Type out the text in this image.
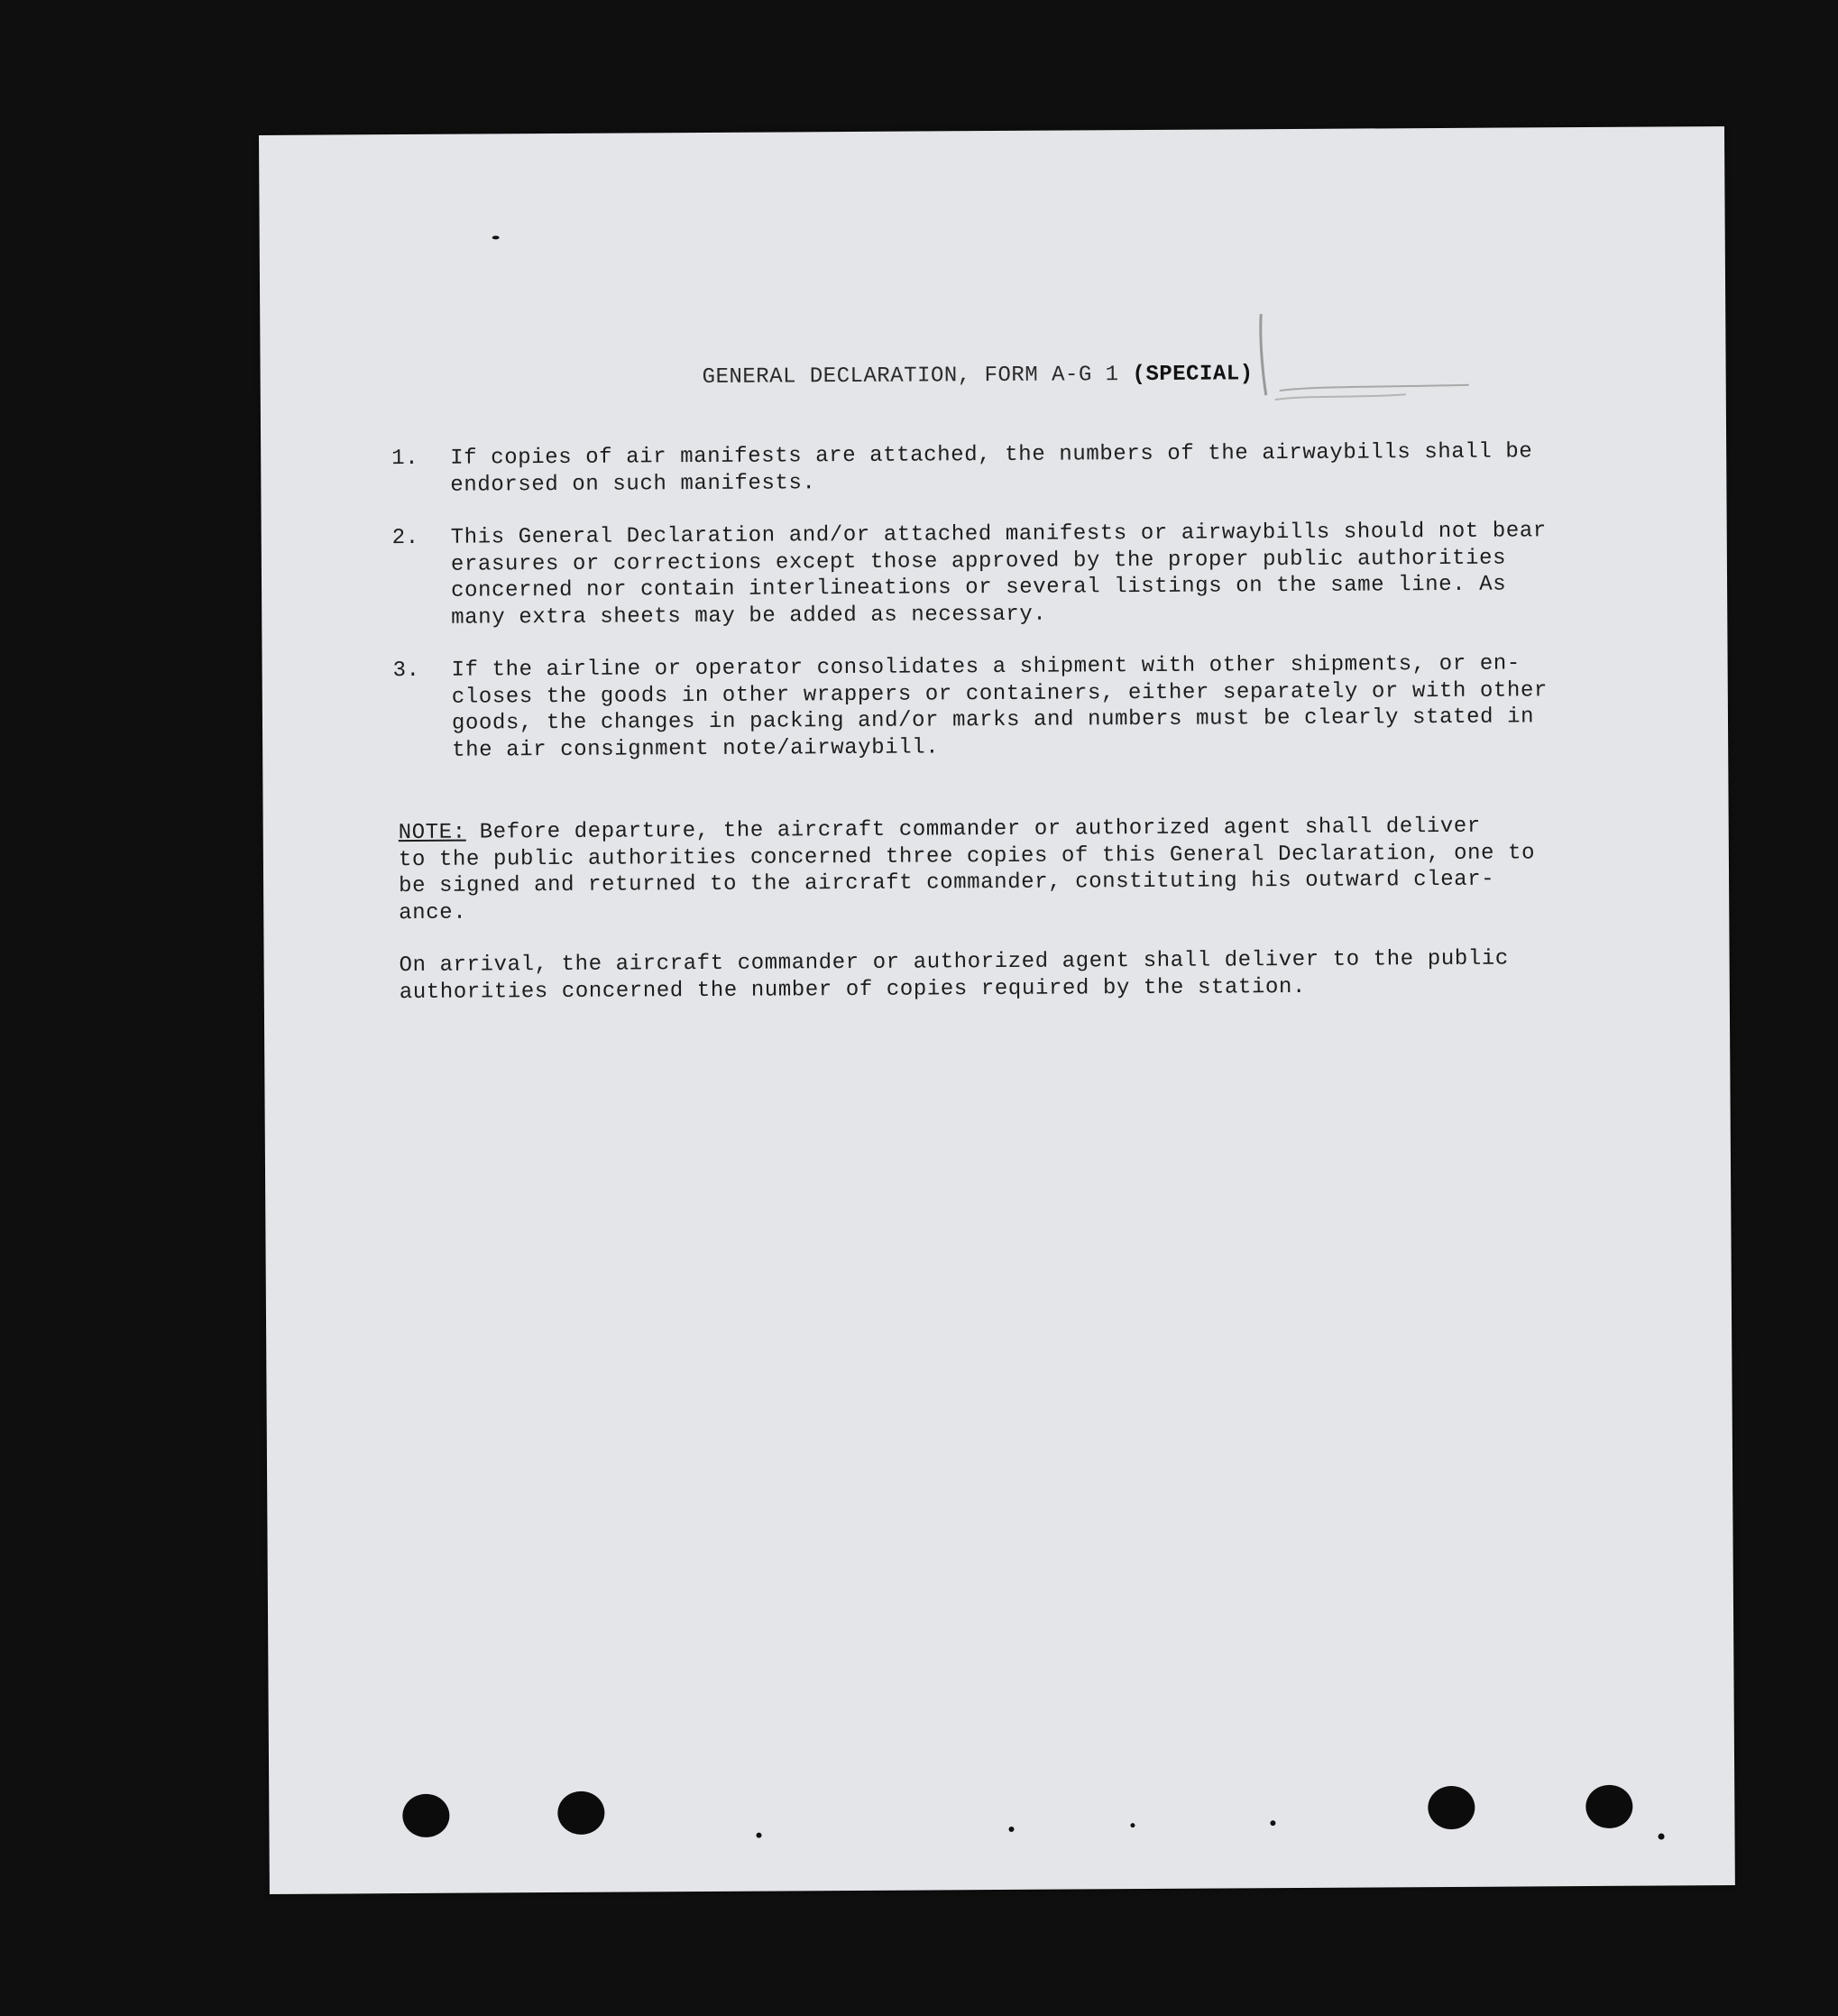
GENERAL DECLARATION, FORM A-G 1 (SPECIAL)
1. If copies of air manifests are attached, the numbers of the airwaybills shall be
endorsed on such manifests.
2. This General Declaration and/or attached manifests or airwaybills should not bear
erasures or corrections except those approved by the proper public authorities
concerned nor contain interlineations or several listings on the same line. As
many extra sheets may be added as necessary.
3. If the airline or operator consolidates a shipment with other shipments, or en-
closes the goods in other wrappers or containers, either separately or with other
goods, the changes in packing and/or marks and numbers must be clearly stated in
the air consignment note/airwaybill.
NOTE: Before departure, the aircraft commander or authorized agent shall deliver
to the public authorities concerned three copies of this General Declaration, one to
be signed and returned to the aircraft commander, constituting his outward clear-
ance.
On arrival, the aircraft commander or authorized agent shall deliver to the public
authorities concerned the number of copies required by the station.
